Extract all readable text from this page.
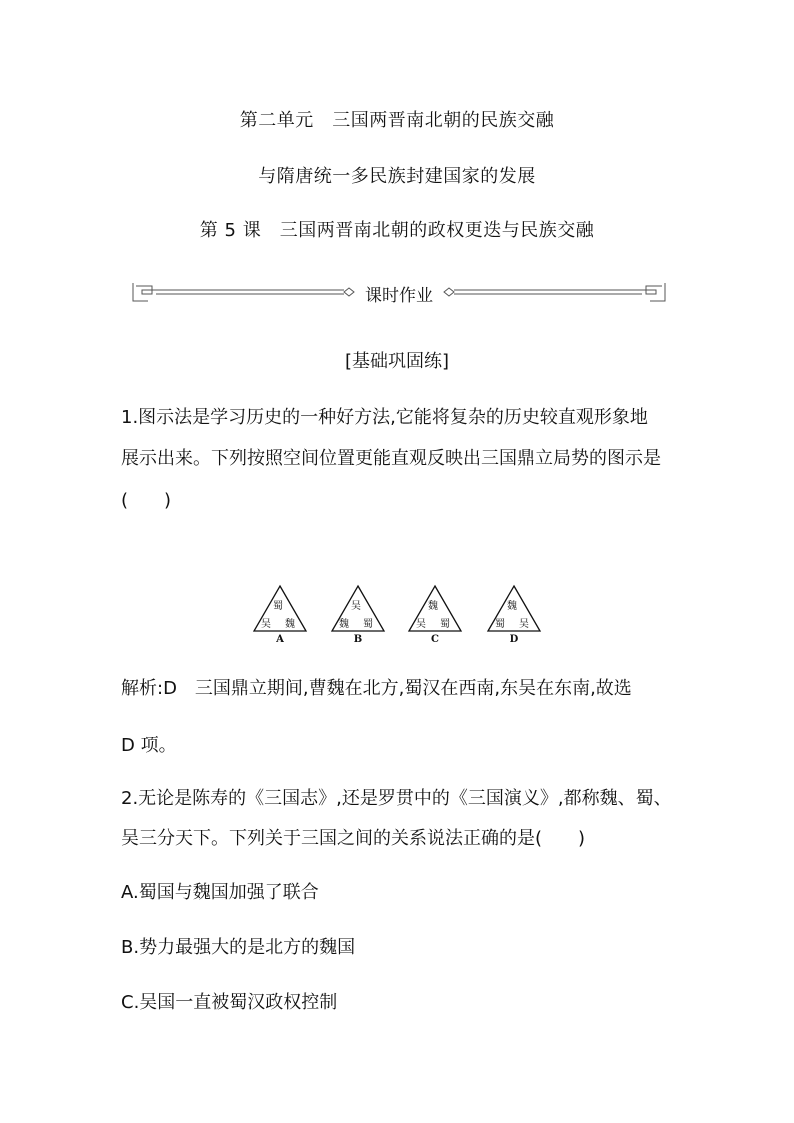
第二单元　三国两晋南北朝的民族交融
与隋唐统一多民族封建国家的发展
第 5 课　三国两晋南北朝的政权更迭与民族交融
课时作业
[基础巩固练]
1.图示法是学习历史的一种好方法,它能将复杂的历史较直观形象地
展示出来。下列按照空间位置更能直观反映出三国鼎立局势的图示是
(　　)
蜀
吴 魏
A
吴
魏 蜀
B
魏
吴 蜀
C
魏
蜀 吴
D
解析:D　三国鼎立期间,曹魏在北方,蜀汉在西南,东吴在东南,故选
D 项。
2.无论是陈寿的《三国志》,还是罗贯中的《三国演义》,都称魏、蜀、
吴三分天下。下列关于三国之间的关系说法正确的是(　　)
A.蜀国与魏国加强了联合
B.势力最强大的是北方的魏国
C.吴国一直被蜀汉政权控制
